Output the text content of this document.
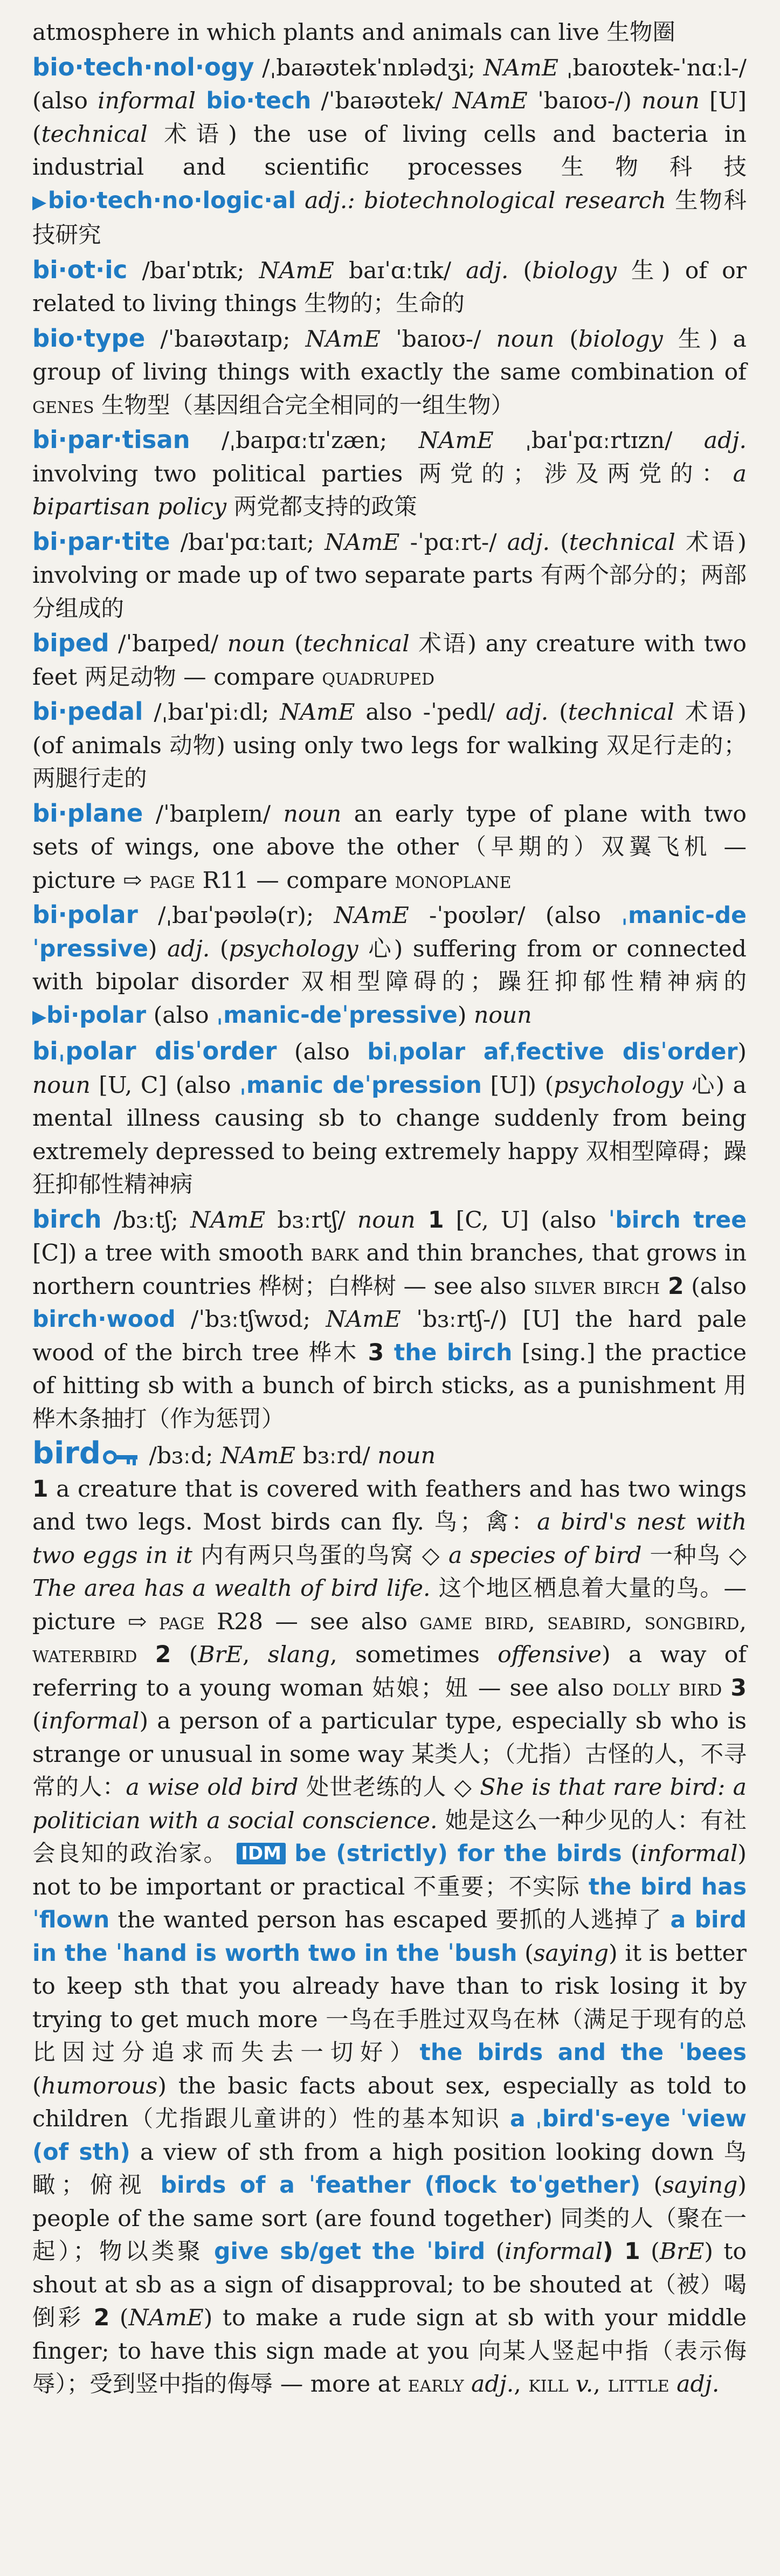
atmosphere in which plants and animals can live 生物圈

bio·tech·nol·ogy /ˌbaɪəʊtekˈnɒlədʒi; NAmE ˌbaɪoʊtek-ˈnɑːl-/ (also informal bio·tech /ˈbaɪəʊtek/ NAmE ˈbaɪoʊ-/) noun [U] (technical 术语) the use of living cells and bacteria in industrial and scientific processes 生物科技 ▶bio·tech·no·logic·al adj.: biotechnological research 生物科技研究

bi·ot·ic /baɪˈɒtɪk; NAmE baɪˈɑːtɪk/ adj. (biology 生) of or related to living things 生物的；生命的

bio·type /ˈbaɪəʊtaɪp; NAmE ˈbaɪoʊ-/ noun (biology 生) a group of living things with exactly the same combination of genes 生物型（基因组合完全相同的一组生物）

bi·par·tisan /ˌbaɪpɑːtɪˈzæn; NAmE ˌbaɪˈpɑːrtɪzn/ adj. involving two political parties 两党的；涉及两党的：a bipartisan policy 两党都支持的政策

bi·par·tite /baɪˈpɑːtaɪt; NAmE -ˈpɑːrt-/ adj. (technical 术语) involving or made up of two separate parts 有两个部分的；两部分组成的

biped /ˈbaɪped/ noun (technical 术语) any creature with two feet 两足动物 — compare quadruped

bi·pedal /ˌbaɪˈpiːdl; NAmE also -ˈpedl/ adj. (technical 术语) (of animals 动物) using only two legs for walking 双足行走的；两腿行走的

bi·plane /ˈbaɪpleɪn/ noun an early type of plane with two sets of wings, one above the other（早期的）双翼飞机 — picture ⇨ page R11 — compare monoplane

bi·polar /ˌbaɪˈpəʊlə(r); NAmE -ˈpoʊlər/ (also ˌmanic-deˈpressive) adj. (psychology 心) suffering from or connected with bipolar disorder 双相型障碍的；躁狂抑郁性精神病的 ▶bi·polar (also ˌmanic-deˈpressive) noun

biˌpolar disˈorder (also biˌpolar afˌfective disˈorder) noun [U, C] (also ˌmanic deˈpression [U]) (psychology 心) a mental illness causing sb to change suddenly from being extremely depressed to being extremely happy 双相型障碍；躁狂抑郁性精神病

birch /bɜːtʃ; NAmE bɜːrtʃ/ noun 1 [C, U] (also ˈbirch tree [C]) a tree with smooth bark and thin branches, that grows in northern countries 桦树；白桦树 — see also silver birch 2 (also birch·wood /ˈbɜːtʃwʊd; NAmE ˈbɜːrtʃ-/) [U] the hard pale wood of the birch tree 桦木 3 the birch [sing.] the practice of hitting sb with a bunch of birch sticks, as a punishment 用桦木条抽打（作为惩罚）

bird /bɜːd; NAmE bɜːrd/ noun
1 a creature that is covered with feathers and has two wings and two legs. Most birds can fly. 鸟；禽：a bird's nest with two eggs in it 内有两只鸟蛋的鸟窝 ◇ a species of bird 一种鸟 ◇ The area has a wealth of bird life. 这个地区栖息着大量的鸟。— picture ⇨ page R28 — see also game bird, seabird, songbird, waterbird 2 (BrE, slang, sometimes offensive) a way of referring to a young woman 姑娘；妞 — see also dolly bird 3 (informal) a person of a particular type, especially sb who is strange or unusual in some way 某类人；（尤指）古怪的人，不寻常的人：a wise old bird 处世老练的人 ◇ She is that rare bird: a politician with a social conscience. 她是这么一种少见的人：有社会良知的政治家。 IDM be (strictly) for the birds (informal) not to be important or practical 不重要；不实际 the bird has ˈflown the wanted person has escaped 要抓的人逃掉了 a bird in the ˈhand is worth two in the ˈbush (saying) it is better to keep sth that you already have than to risk losing it by trying to get much more 一鸟在手胜过双鸟在林（满足于现有的总比因过分追求而失去一切好）the birds and the ˈbees (humorous) the basic facts about sex, especially as told to children（尤指跟儿童讲的）性的基本知识 a ˌbird's-eye ˈview (of sth) a view of sth from a high position looking down 鸟瞰；俯视 birds of a ˈfeather (flock toˈgether) (saying) people of the same sort (are found together) 同类的人（聚在一起）；物以类聚 give sb/get the ˈbird (informal) 1 (BrE) to shout at sb as a sign of disapproval; to be shouted at（被）喝倒彩 2 (NAmE) to make a rude sign at sb with your middle finger; to have this sign made at you 向某人竖起中指（表示侮辱）；受到竖中指的侮辱 — more at early adj., kill v., little adj.
